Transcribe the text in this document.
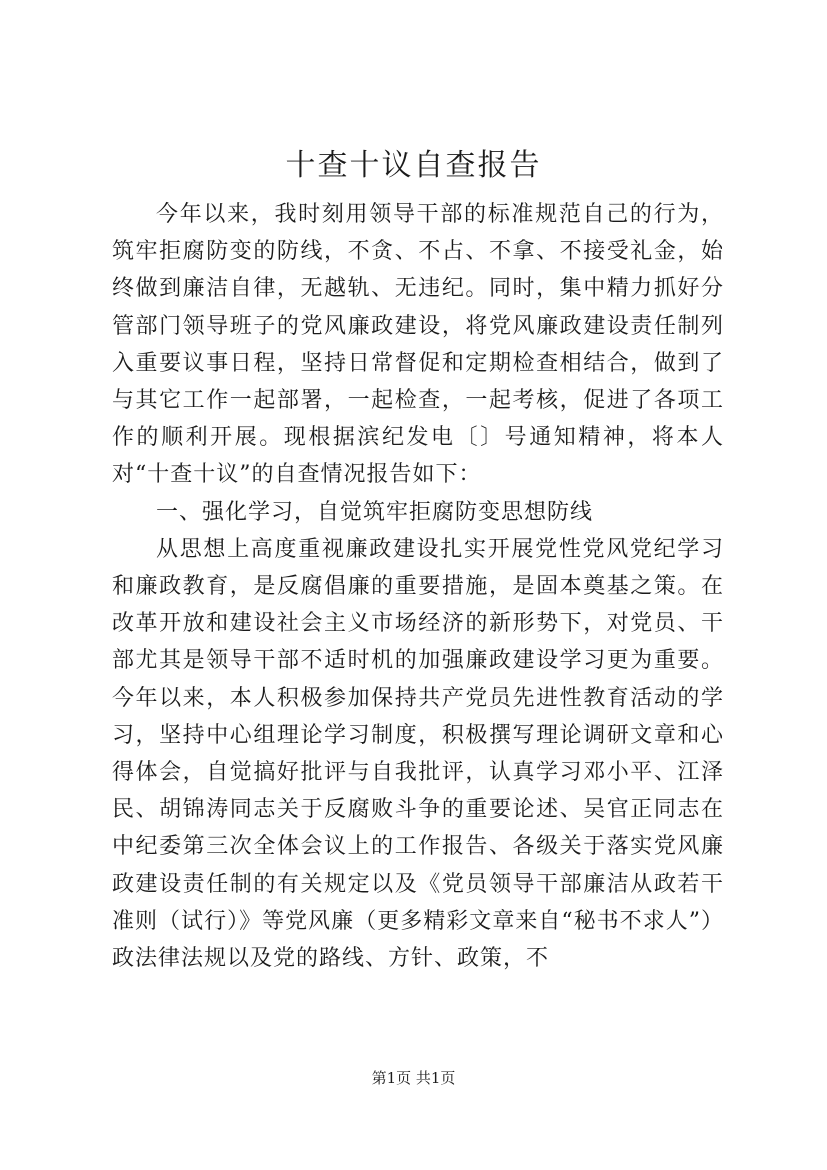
十查十议自查报告

今年以来，我时刻用领导干部的标准规范自己的行为，筑牢拒腐防变的防线，不贪、不占、不拿、不接受礼金，始终做到廉洁自律，无越轨、无违纪。同时，集中精力抓好分管部门领导班子的党风廉政建设，将党风廉政建设责任制列入重要议事日程，坚持日常督促和定期检查相结合，做到了与其它工作一起部署，一起检查，一起考核，促进了各项工作的顺利开展。现根据滨纪发电〔〕号通知精神，将本人对“十查十议”的自查情况报告如下：

一、强化学习，自觉筑牢拒腐防变思想防线

从思想上高度重视廉政建设扎实开展党性党风党纪学习和廉政教育，是反腐倡廉的重要措施，是固本奠基之策。在改革开放和建设社会主义市场经济的新形势下，对党员、干部尤其是领导干部不适时机的加强廉政建设学习更为重要。今年以来，本人积极参加保持共产党员先进性教育活动的学习，坚持中心组理论学习制度，积极撰写理论调研文章和心得体会，自觉搞好批评与自我批评，认真学习邓小平、江泽民、胡锦涛同志关于反腐败斗争的重要论述、吴官正同志在中纪委第三次全体会议上的工作报告、各级关于落实党风廉政建设责任制的有关规定以及《党员领导干部廉洁从政若干准则（试行）》等党风廉（更多精彩文章来自“秘书不求人”）政法律法规以及党的路线、方针、政策，不

第1页 共1页
